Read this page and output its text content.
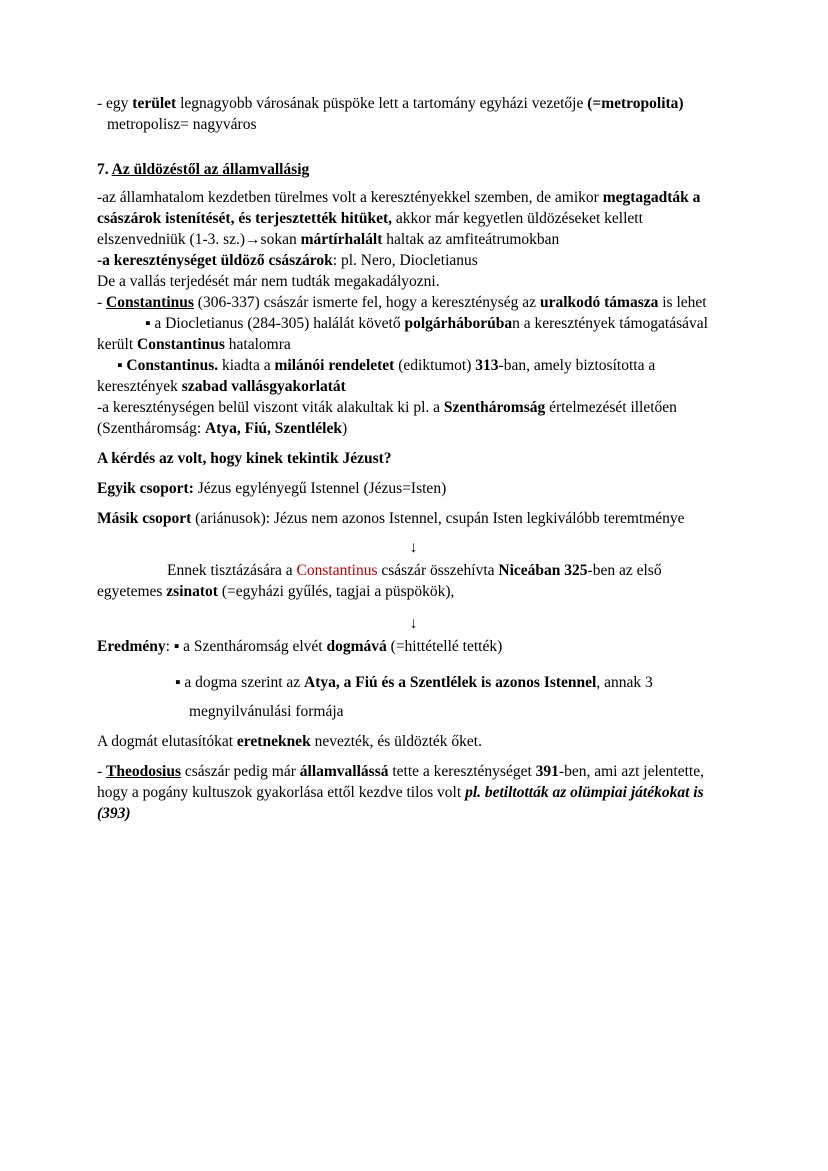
- egy terület legnagyobb városának püspöke lett a tartomány egyházi vezetője (=metropolita)

metropolisz= nagyváros

7. Az üldözéstől az államvallásig

-az államhatalom kezdetben türelmes volt a keresztényekkel szemben, de amikor megtagadták a császárok istenítését, és terjesztették hitüket, akkor már kegyetlen üldözéseket kellett elszenvedniük (1-3. sz.)→sokan mártírhalált haltak az amfiteátrumokban

-a kereszténységet üldöző császárok: pl. Nero, Diocletianus

De a vallás terjedését már nem tudták megakadályozni.

- Constantinus (306-337) császár ismerte fel, hogy a kereszténység az uralkodó támasza is lehet

▪ a Diocletianus (284-305) halálát követő polgárháborúban a keresztények támogatásával került Constantinus hatalomra

▪ Constantinus. kiadta a milánói rendeletet (ediktumot) 313-ban, amely biztosította a keresztények szabad vallásgyakorlatát

-a kereszténységen belül viszont viták alakultak ki pl. a Szentháromság értelmezését illetően (Szentháromság: Atya, Fiú, Szentlélek)

A kérdés az volt, hogy kinek tekintik Jézust?

Egyik csoport: Jézus egylényegű Istennel (Jézus=Isten)

Másik csoport (ariánusok): Jézus nem azonos Istennel, csupán Isten legkiválóbb teremtménye

↓

Ennek tisztázására a Constantinus császár összehívta Niceában 325-ben az első egyetemes zsinatot (=egyházi gyűlés, tagjai a püspökök),

↓

Eredmény: ▪ a Szentháromság elvét dogmává (=hittétellé tették)

▪ a dogma szerint az Atya, a Fiú és a Szentlélek is azonos Istennel, annak 3

megnyilvánulási formája

A dogmát elutasítókat eretneknek nevezték, és üldözték őket.

- Theodosius császár pedig már államvallássá tette a kereszténységet 391-ben, ami azt jelentette, hogy a pogány kultuszok gyakorlása ettől kezdve tilos volt pl. betiltották az olümpiai játékokat is (393)
